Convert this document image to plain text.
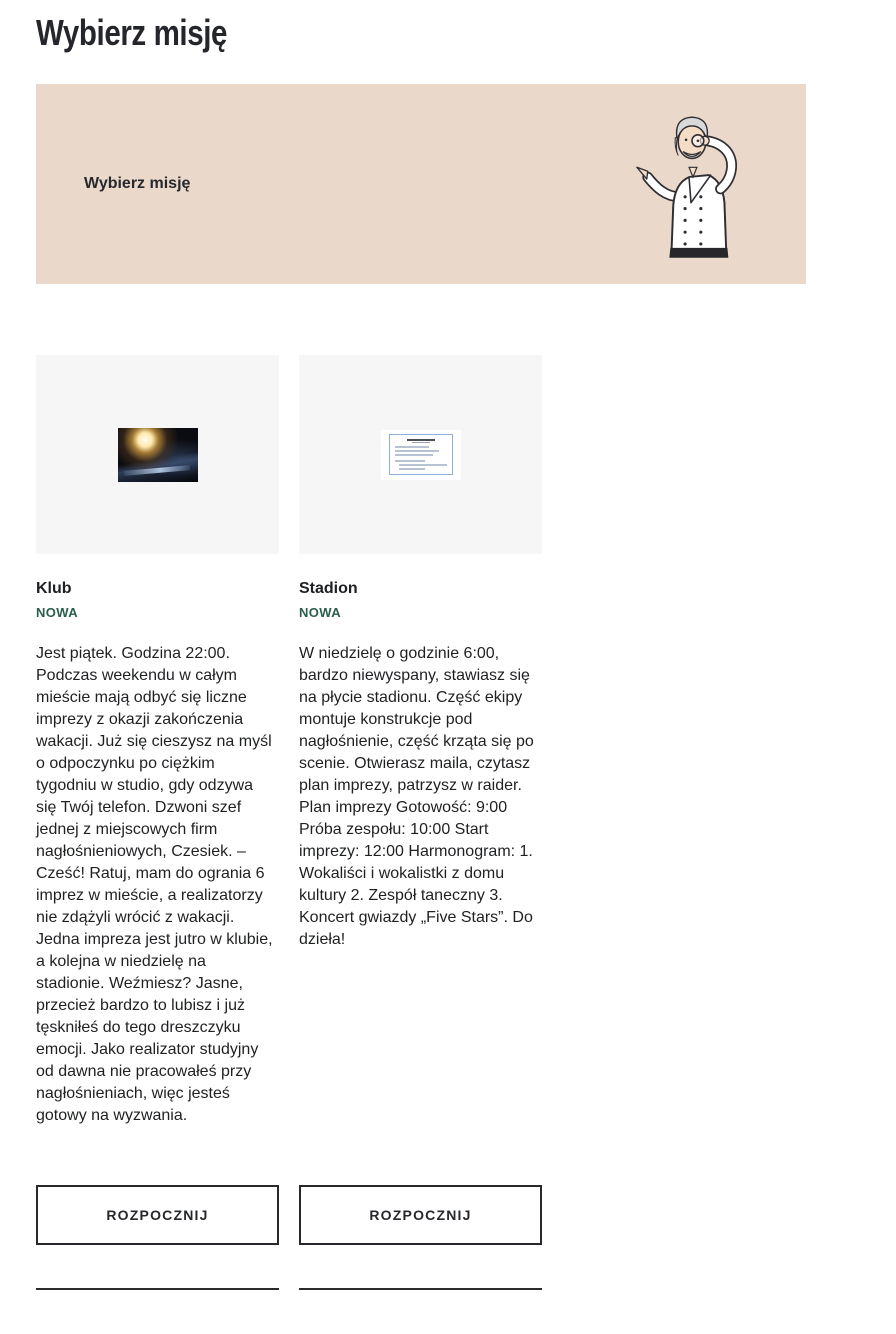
Wybierz misję
Wybierz misję
Klub
NOWA
Jest piątek. Godzina 22:00. Podczas weekendu w całym mieście mają odbyć się liczne imprezy z okazji zakończenia wakacji. Już się cieszysz na myśl o odpoczynku po ciężkim tygodniu w studio, gdy odzywa się Twój telefon. Dzwoni szef jednej z miejscowych firm nagłośnieniowych, Czesiek. – Cześć! Ratuj, mam do ogrania 6 imprez w mieście, a realizatorzy nie zdążyli wrócić z wakacji. Jedna impreza jest jutro w klubie, a kolejna w niedzielę na stadionie. Weźmiesz? Jasne, przecież bardzo to lubisz i już tęskniłeś do tego dreszczyku emocji. Jako realizator studyjny od dawna nie pracowałeś przy nagłośnieniach, więc jesteś gotowy na wyzwania.
ROZPOCZNIJ
Stadion
NOWA
W niedzielę o godzinie 6:00, bardzo niewyspany, stawiasz się na płycie stadionu. Część ekipy montuje konstrukcje pod nagłośnienie, część krząta się po scenie. Otwierasz maila, czytasz plan imprezy, patrzysz w raider. Plan imprezy Gotowość: 9:00 Próba zespołu: 10:00 Start imprezy: 12:00 Harmonogram: 1. Wokaliści i wokalistki z domu kultury 2. Zespół taneczny 3. Koncert gwiazdy „Five Stars”. Do dzieła!
ROZPOCZNIJ
